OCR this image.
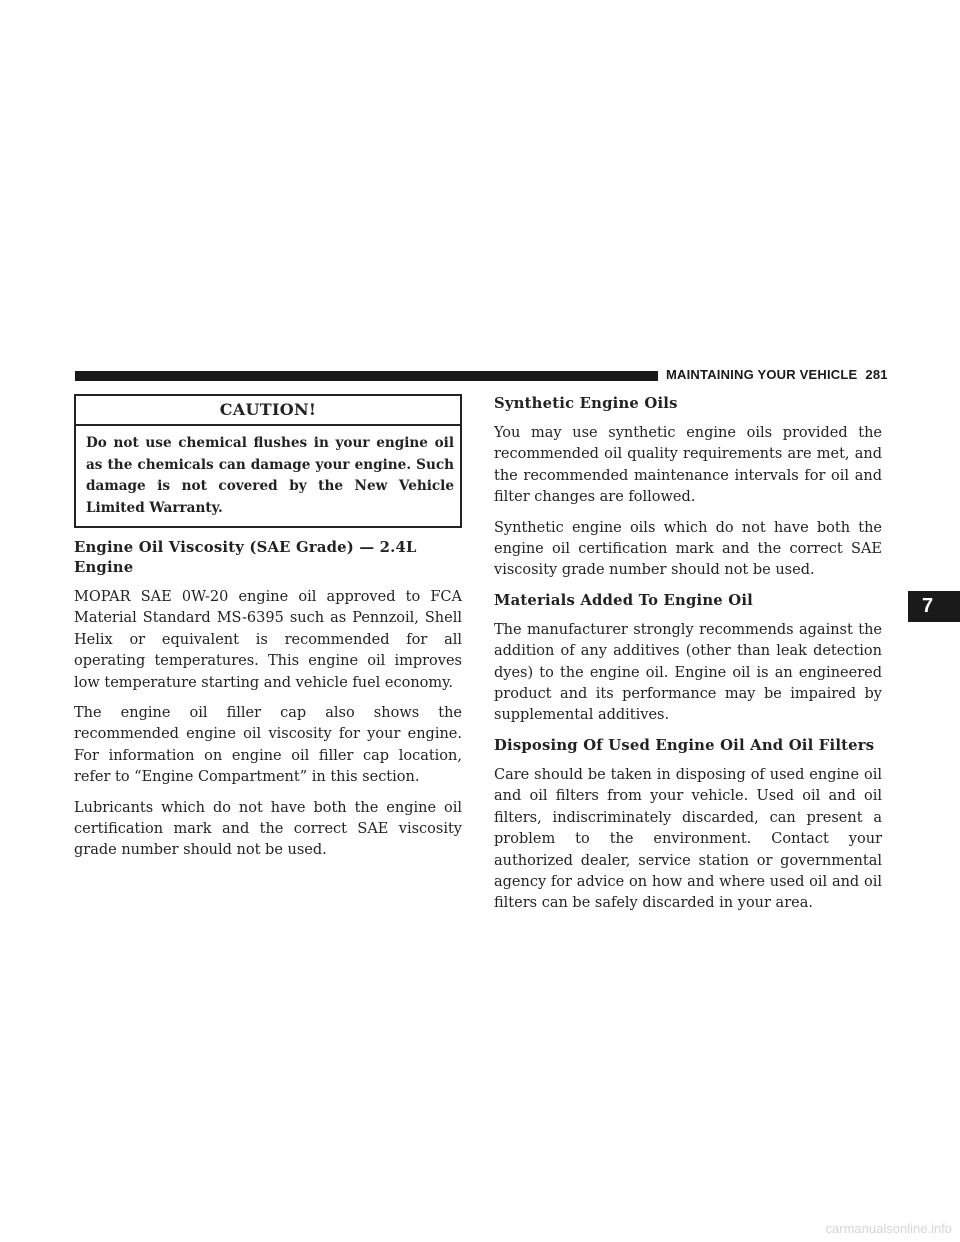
MAINTAINING YOUR VEHICLE 281
CAUTION!
Do not use chemical flushes in your engine oil as the chemicals can damage your engine. Such damage is not covered by the New Vehicle Limited Warranty.
Engine Oil Viscosity (SAE Grade) — 2.4L Engine

MOPAR SAE 0W-20 engine oil approved to FCA Material Standard MS-6395 such as Pennzoil, Shell Helix or equivalent is recommended for all operating temperatures. This engine oil improves low temperature starting and vehicle fuel economy.

The engine oil filler cap also shows the recommended engine oil viscosity for your engine. For information on engine oil filler cap location, refer to “Engine Compartment” in this section.

Lubricants which do not have both the engine oil certification mark and the correct SAE viscosity grade number should not be used.

Synthetic Engine Oils

You may use synthetic engine oils provided the recommended oil quality requirements are met, and the recommended maintenance intervals for oil and filter changes are followed.

Synthetic engine oils which do not have both the engine oil certification mark and the correct SAE viscosity grade number should not be used.

Materials Added To Engine Oil

The manufacturer strongly recommends against the addition of any additives (other than leak detection dyes) to the engine oil. Engine oil is an engineered product and its performance may be impaired by supplemental additives.

Disposing Of Used Engine Oil And Oil Filters

Care should be taken in disposing of used engine oil and oil filters from your vehicle. Used oil and oil filters, indiscriminately discarded, can present a problem to the environment. Contact your authorized dealer, service station or governmental agency for advice on how and where used oil and oil filters can be safely discarded in your area.

7
carmanualsonline.info
